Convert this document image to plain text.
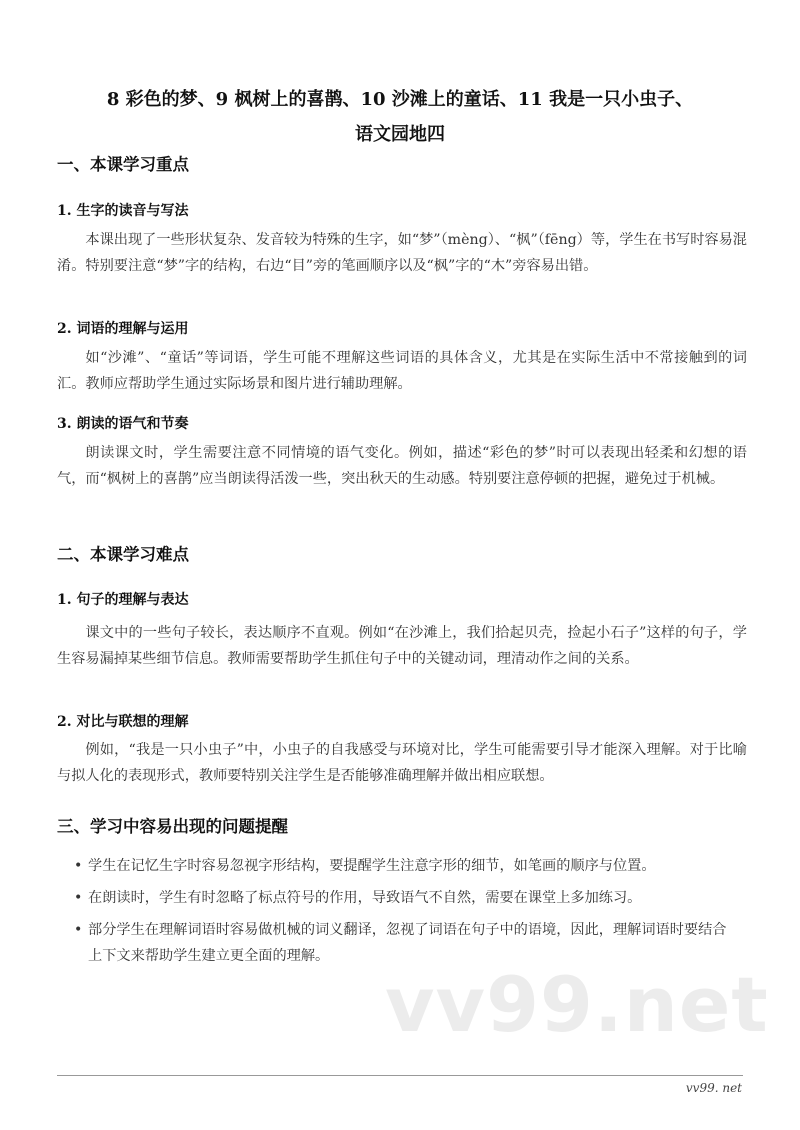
8 彩色的梦、9 枫树上的喜鹊、10 沙滩上的童话、11 我是一只小虫子、
语文园地四
一、本课学习重点
1. 生字的读音与写法
本课出现了一些形状复杂、发音较为特殊的生字，如“梦”（mèng）、“枫”（fēng）等，学生在书写时容易混淆。特别要注意“梦”字的结构，右边“目”旁的笔画顺序以及“枫”字的“木”旁容易出错。
2. 词语的理解与运用
如“沙滩”、“童话”等词语，学生可能不理解这些词语的具体含义，尤其是在实际生活中不常接触到的词汇。教师应帮助学生通过实际场景和图片进行辅助理解。
3. 朗读的语气和节奏
朗读课文时，学生需要注意不同情境的语气变化。例如，描述“彩色的梦”时可以表现出轻柔和幻想的语气，而“枫树上的喜鹊”应当朗读得活泼一些，突出秋天的生动感。特别要注意停顿的把握，避免过于机械。
二、本课学习难点
1. 句子的理解与表达
课文中的一些句子较长，表达顺序不直观。例如“在沙滩上，我们拾起贝壳，捡起小石子”这样的句子，学生容易漏掉某些细节信息。教师需要帮助学生抓住句子中的关键动词，理清动作之间的关系。
2. 对比与联想的理解
例如，“我是一只小虫子”中，小虫子的自我感受与环境对比，学生可能需要引导才能深入理解。对于比喻与拟人化的表现形式，教师要特别关注学生是否能够准确理解并做出相应联想。
三、学习中容易出现的问题提醒
• 学生在记忆生字时容易忽视字形结构，要提醒学生注意字形的细节，如笔画的顺序与位置。
• 在朗读时，学生有时忽略了标点符号的作用，导致语气不自然，需要在课堂上多加练习。
• 部分学生在理解词语时容易做机械的词义翻译，忽视了词语在句子中的语境，因此，理解词语时要结合上下文来帮助学生建立更全面的理解。
vv99.net
vv99. net
